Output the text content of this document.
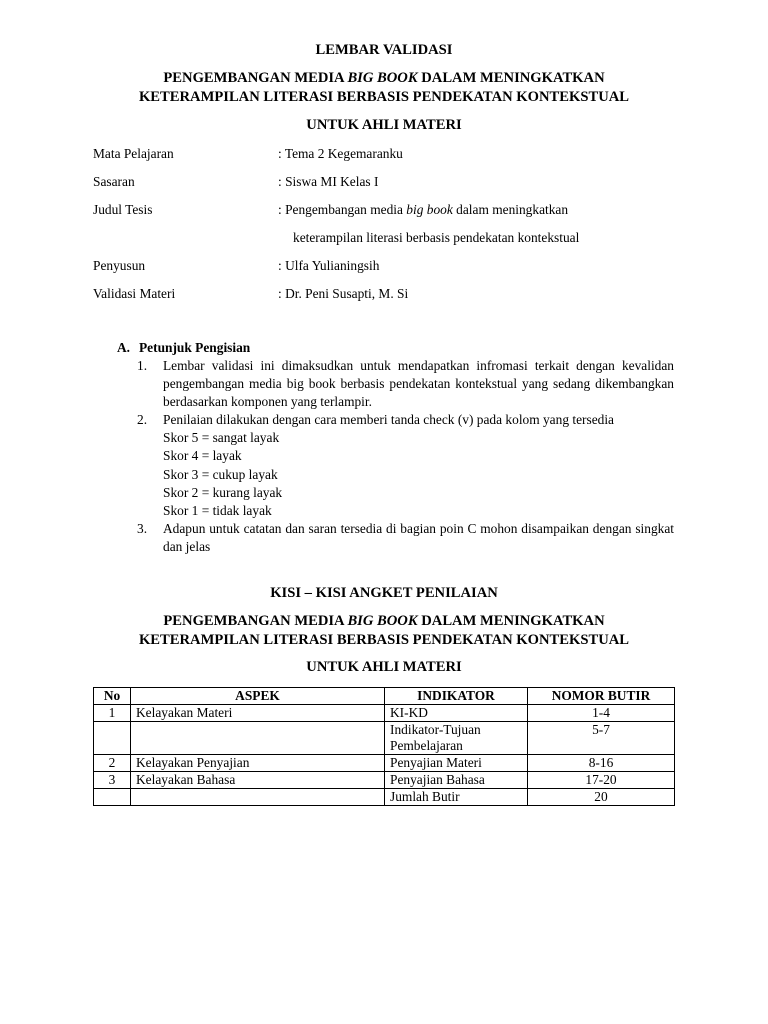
LEMBAR VALIDASI
PENGEMBANGAN MEDIA BIG BOOK DALAM MENINGKATKAN
KETERAMPILAN LITERASI BERBASIS PENDEKATAN KONTEKSTUAL
UNTUK AHLI MATERI
Mata Pelajaran	: Tema 2 Kegemaranku
Sasaran	: Siswa MI Kelas I
Judul Tesis	: Pengembangan media big book dalam meningkatkan
keterampilan literasi berbasis pendekatan kontekstual
Penyusun	: Ulfa Yulianingsih
Validasi Materi	: Dr. Peni Susapti, M. Si
A. Petunjuk Pengisian
1. Lembar validasi ini dimaksudkan untuk mendapatkan infromasi terkait dengan kevalidan pengembangan media big book berbasis pendekatan kontekstual yang sedang dikembangkan berdasarkan komponen yang terlampir.
2. Penilaian dilakukan dengan cara memberi tanda check (v) pada kolom yang tersedia
Skor 5 = sangat layak
Skor 4 = layak
Skor 3 = cukup layak
Skor 2 = kurang layak
Skor 1 = tidak layak
3. Adapun untuk catatan dan saran tersedia di bagian poin C mohon disampaikan dengan singkat dan jelas
KISI – KISI ANGKET PENILAIAN
PENGEMBANGAN MEDIA BIG BOOK DALAM MENINGKATKAN
KETERAMPILAN LITERASI BERBASIS PENDEKATAN KONTEKSTUAL
UNTUK AHLI MATERI
No	ASPEK	INDIKATOR	NOMOR BUTIR
1	Kelayakan Materi	KI-KD	1-4
		Indikator-Tujuan Pembelajaran	5-7
2	Kelayakan Penyajian	Penyajian Materi	8-16
3	Kelayakan Bahasa	Penyajian Bahasa	17-20
		Jumlah Butir	20
